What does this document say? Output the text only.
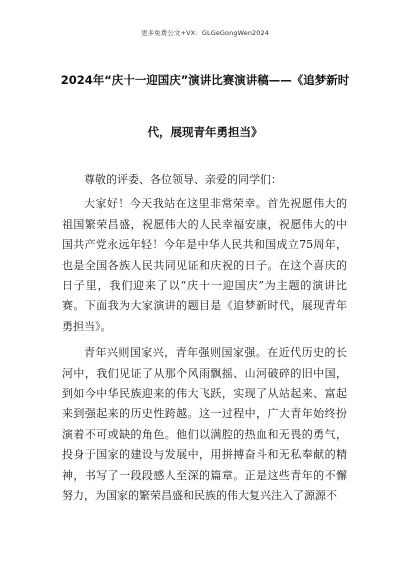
更多免费公文+VX：GLGeGongWen2024
2024年“庆十一迎国庆”演讲比赛演讲稿——《追梦新时
代，展现青年勇担当》

尊敬的评委、各位领导、亲爱的同学们：

大家好！今天我站在这里非常荣幸。首先祝愿伟大的祖国繁荣昌盛，祝愿伟大的人民幸福安康，祝愿伟大的中国共产党永远年轻！今年是中华人民共和国成立75周年，也是全国各族人民共同见证和庆祝的日子。在这个喜庆的日子里，我们迎来了以“庆十一迎国庆”为主题的演讲比赛。下面我为大家演讲的题目是《追梦新时代，展现青年勇担当》。

青年兴则国家兴，青年强则国家强。在近代历史的长河中，我们见证了从那个风雨飘摇、山河破碎的旧中国，到如今中华民族迎来的伟大飞跃，实现了从站起来、富起来到强起来的历史性跨越。这一过程中，广大青年始终扮演着不可或缺的角色。他们以满腔的热血和无畏的勇气，投身于国家的建设与发展中，用拼搏奋斗和无私奉献的精神，书写了一段段感人至深的篇章。正是这些青年的不懈努力，为国家的繁荣昌盛和民族的伟大复兴注入了源源不
